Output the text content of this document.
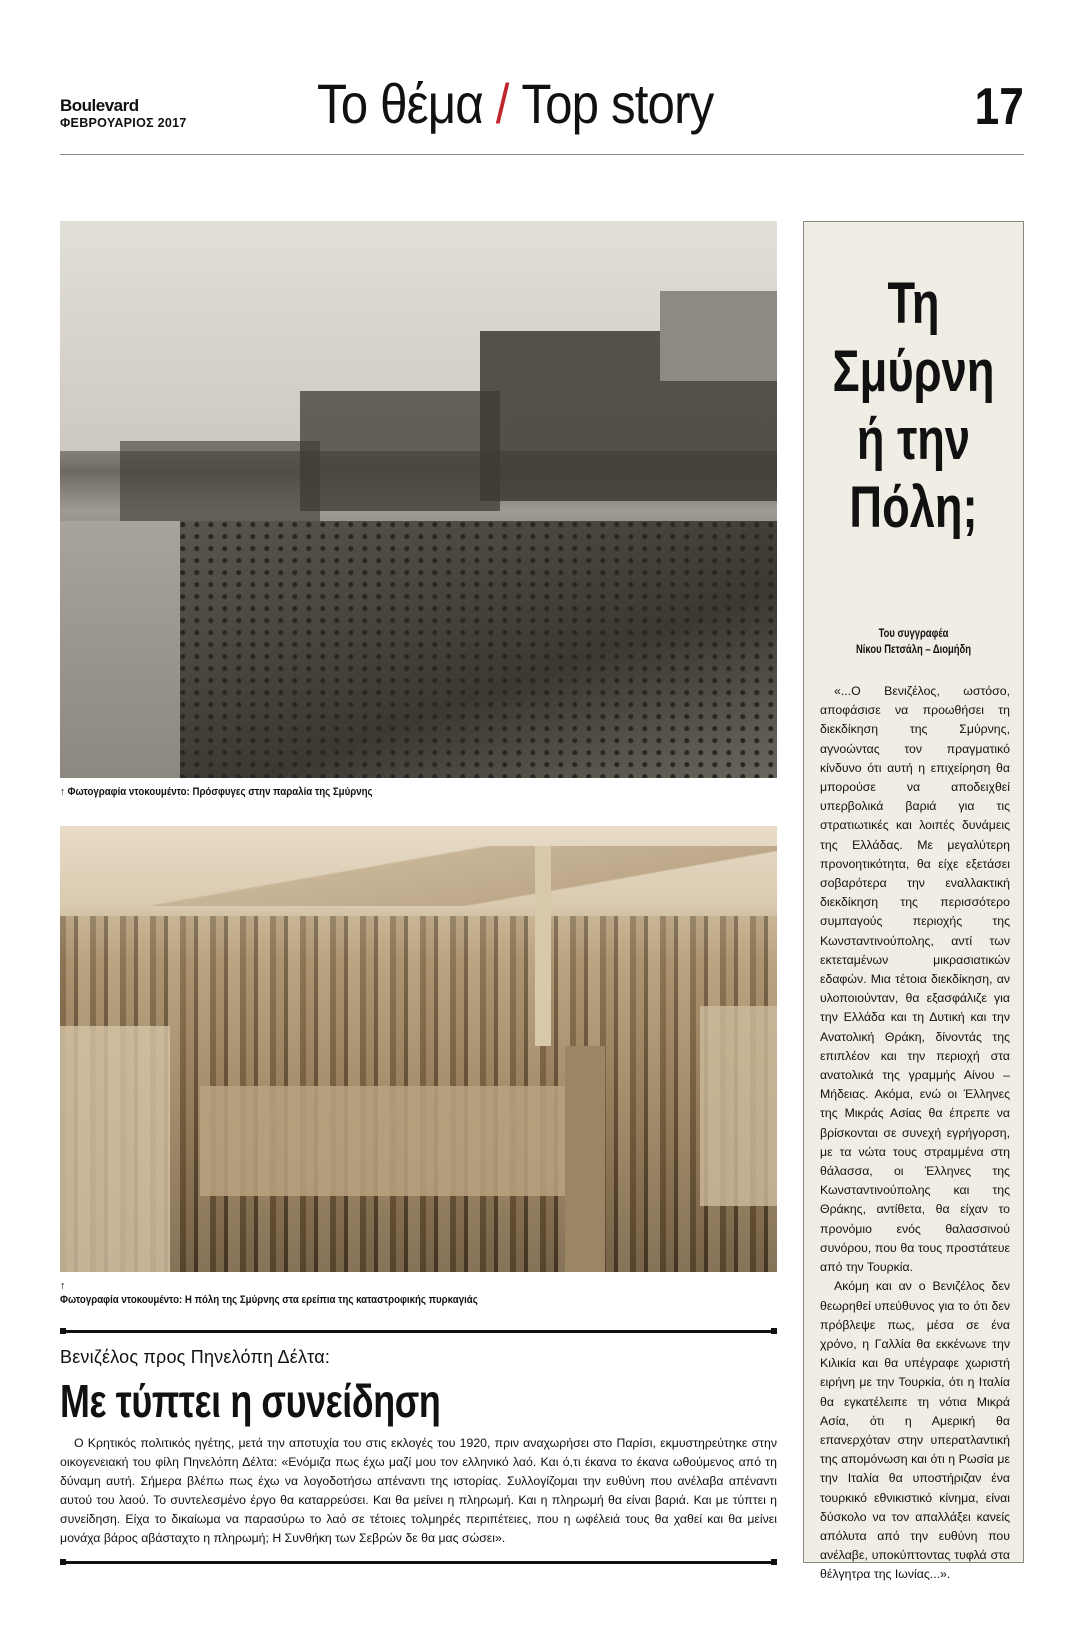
Boulevard
ΦΕΒΡΟΥΑΡΙΟΣ 2017 Το θέμα / Top story	17
↑ Φωτογραφία ντοκουμέντο: Πρόσφυγες στην παραλία της Σμύρνης
↑
Φωτογραφία ντοκουμέντο: Η πόλη της Σμύρνης στα ερείπια της καταστροφικής πυρκαγιάς
Βενιζέλος προς Πηνελόπη Δέλτα:
Με τύπτει η συνείδηση
Ο Κρητικός πολιτικός ηγέτης, μετά την αποτυχία του στις εκλογές του 1920, πριν αναχωρήσει στο Παρίσι, εκμυστηρεύτηκε στην οικογενειακή του φίλη Πηνελόπη Δέλτα: «Ενόμιζα πως έχω μαζί μου τον ελληνικό λαό. Και ό,τι έκανα το έκανα ωθούμενος από τη δύναμη αυτή. Σήμερα βλέπω πως έχω να λογοδοτήσω απέναντι της ιστορίας. Συλλογίζομαι την ευθύνη που ανέλαβα απέναντι αυτού του λαού. Το συντελεσμένο έργο θα καταρρεύσει. Και θα μείνει η πληρωμή. Και η πληρωμή θα είναι βαριά. Και με τύπτει η συνείδηση. Είχα το δικαίωμα να παρασύρω το λαό σε τέτοιες τολμηρές περιπέτειες, που η ωφέλειά τους θα χαθεί και θα μείνει μονάχα βάρος αβάσταχτο η πληρωμή; Η Συνθήκη των Σεβρών δε θα μας σώσει».
Τη
Σμύρνη
ή την
Πόλη;
Του συγγραφέα
Νίκου Πετσάλη – Διομήδη

«...Ο Βενιζέλος, ωστόσο, αποφάσισε να προωθήσει τη διεκδίκηση της Σμύρνης, αγνοώντας τον πραγματικό κίνδυνο ότι αυτή η επιχείρηση θα μπορούσε να αποδειχθεί υπερβολικά βαριά για τις στρατιωτικές και λοιπές δυνάμεις της Ελλάδας. Με μεγαλύτερη προνοητικότητα, θα είχε εξετάσει σοβαρότερα την εναλλακτική διεκδίκηση της περισσότερο συμπαγούς περιοχής της Κωνσταντινούπολης, αντί των εκτεταμένων μικρασιατικών εδαφών. Μια τέτοια διεκδίκηση, αν υλοποιούνταν, θα εξασφάλιζε για την Ελλάδα και τη Δυτική και την Ανατολική Θράκη, δίνοντάς της επιπλέον και την περιοχή στα ανατολικά της γραμμής Αίνου – Μήδειας. Ακόμα, ενώ οι Έλληνες της Μικράς Ασίας θα έπρεπε να βρίσκονται σε συνεχή εγρήγορση, με τα νώτα τους στραμμένα στη θάλασσα, οι Έλληνες της Κωνσταντινούπολης και της Θράκης, αντίθετα, θα είχαν το προνόμιο ενός θαλασσινού συνόρου, που θα τους προστάτευε από την Τουρκία.

Ακόμη και αν ο Βενιζέλος δεν θεωρηθεί υπεύθυνος για το ότι δεν πρόβλεψε πως, μέσα σε ένα χρόνο, η Γαλλία θα εκκένωνε την Κιλικία και θα υπέγραφε χωριστή ειρήνη με την Τουρκία, ότι η Ιταλία θα εγκατέλειπε τη νότια Μικρά Ασία, ότι η Αμερική θα επανερχόταν στην υπερατλαντική της απομόνωση και ότι η Ρωσία με την Ιταλία θα υποστήριζαν ένα τουρκικό εθνικιστικό κίνημα, είναι δύσκολο να τον απαλλάξει κανείς απόλυτα από την ευθύνη που ανέλαβε, υποκύπτοντας τυφλά στα θέλγητρα της Ιωνίας...».
